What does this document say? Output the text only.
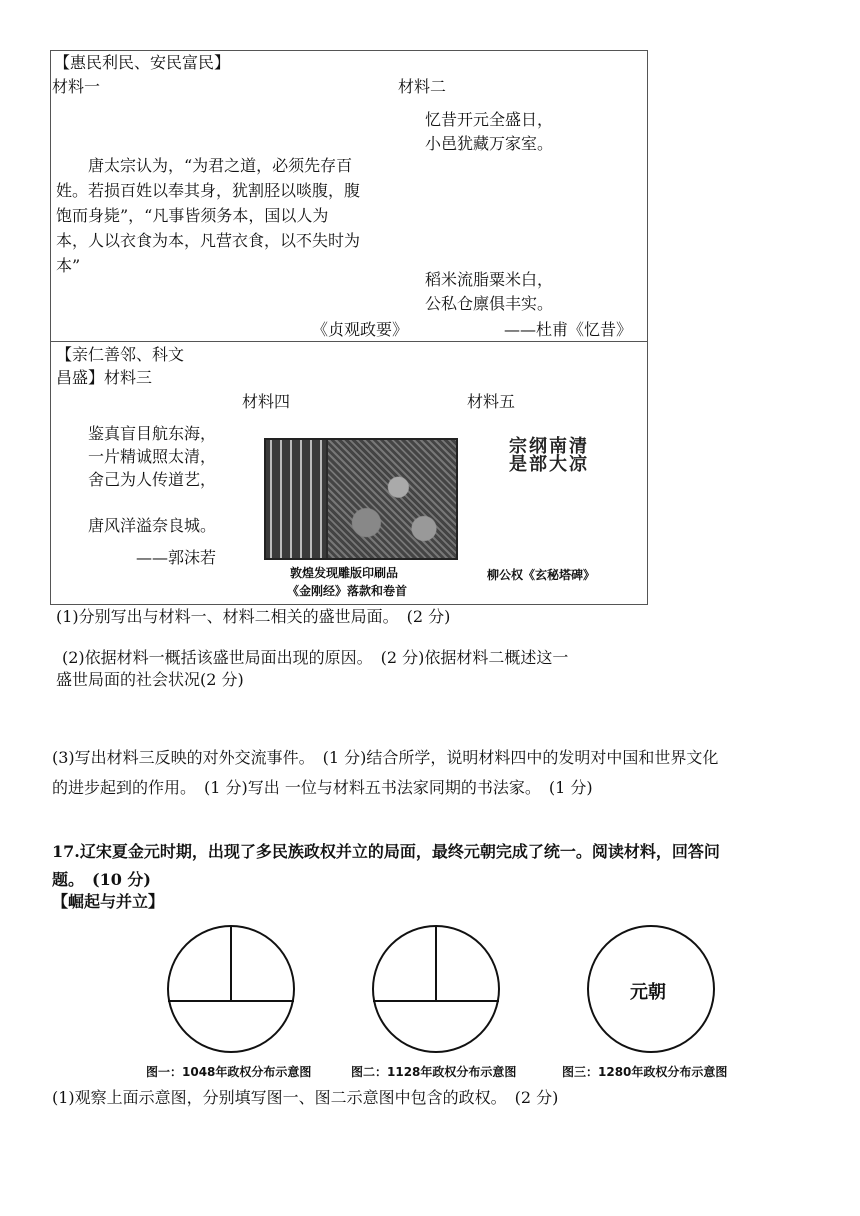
【惠民利民、安民富民】
材料一	材料二
忆昔开元全盛日，
小邑犹藏万家室。
唐太宗认为，“为君之道，必须先存百
姓。若损百姓以奉其身，犹割胫以啖腹，腹
饱而身毙”，“凡事皆须务本，国以人为
本，人以衣食为本，凡营衣食，以不失时为
本”
稻米流脂粟米白，
公私仓廪俱丰实。
《贞观政要》	——杜甫《忆昔》
【亲仁善邻、科文
昌盛】材料三
材料四	材料五
鉴真盲目航东海，
一片精诚照太清，
舍己为人传道艺，
唐风洋溢奈良城。
——郭沫若
敦煌发现雕版印刷品
《金刚经》落款和卷首
宗是 纲部 南大 清凉
柳公权《玄秘塔碑》
(1)分别写出与材料一、材料二相关的盛世局面。　(2 分)
(2)依据材料一概括该盛世局面出现的原因。　(2 分)依据材料二概述这一
盛世局面的社会状况(2 分)
(3)写出材料三反映的对外交流事件。　(1 分)结合所学，说明材料四中的发明对中国和世界文化
的进步起到的作用。　(1 分)写出 一位与材料五书法家同期的书法家。　(1 分)
17.辽宋夏金元时期，出现了多民族政权并立的局面，最终元朝完成了统一。阅读材料，回答问
题。　(10 分)
【崛起与并立】
元朝
图一：1048年政权分布示意图	图二：1128年政权分布示意图	图三：1280年政权分布示意图
(1)观察上面示意图，分别填写图一、图二示意图中包含的政权。　(2 分)
